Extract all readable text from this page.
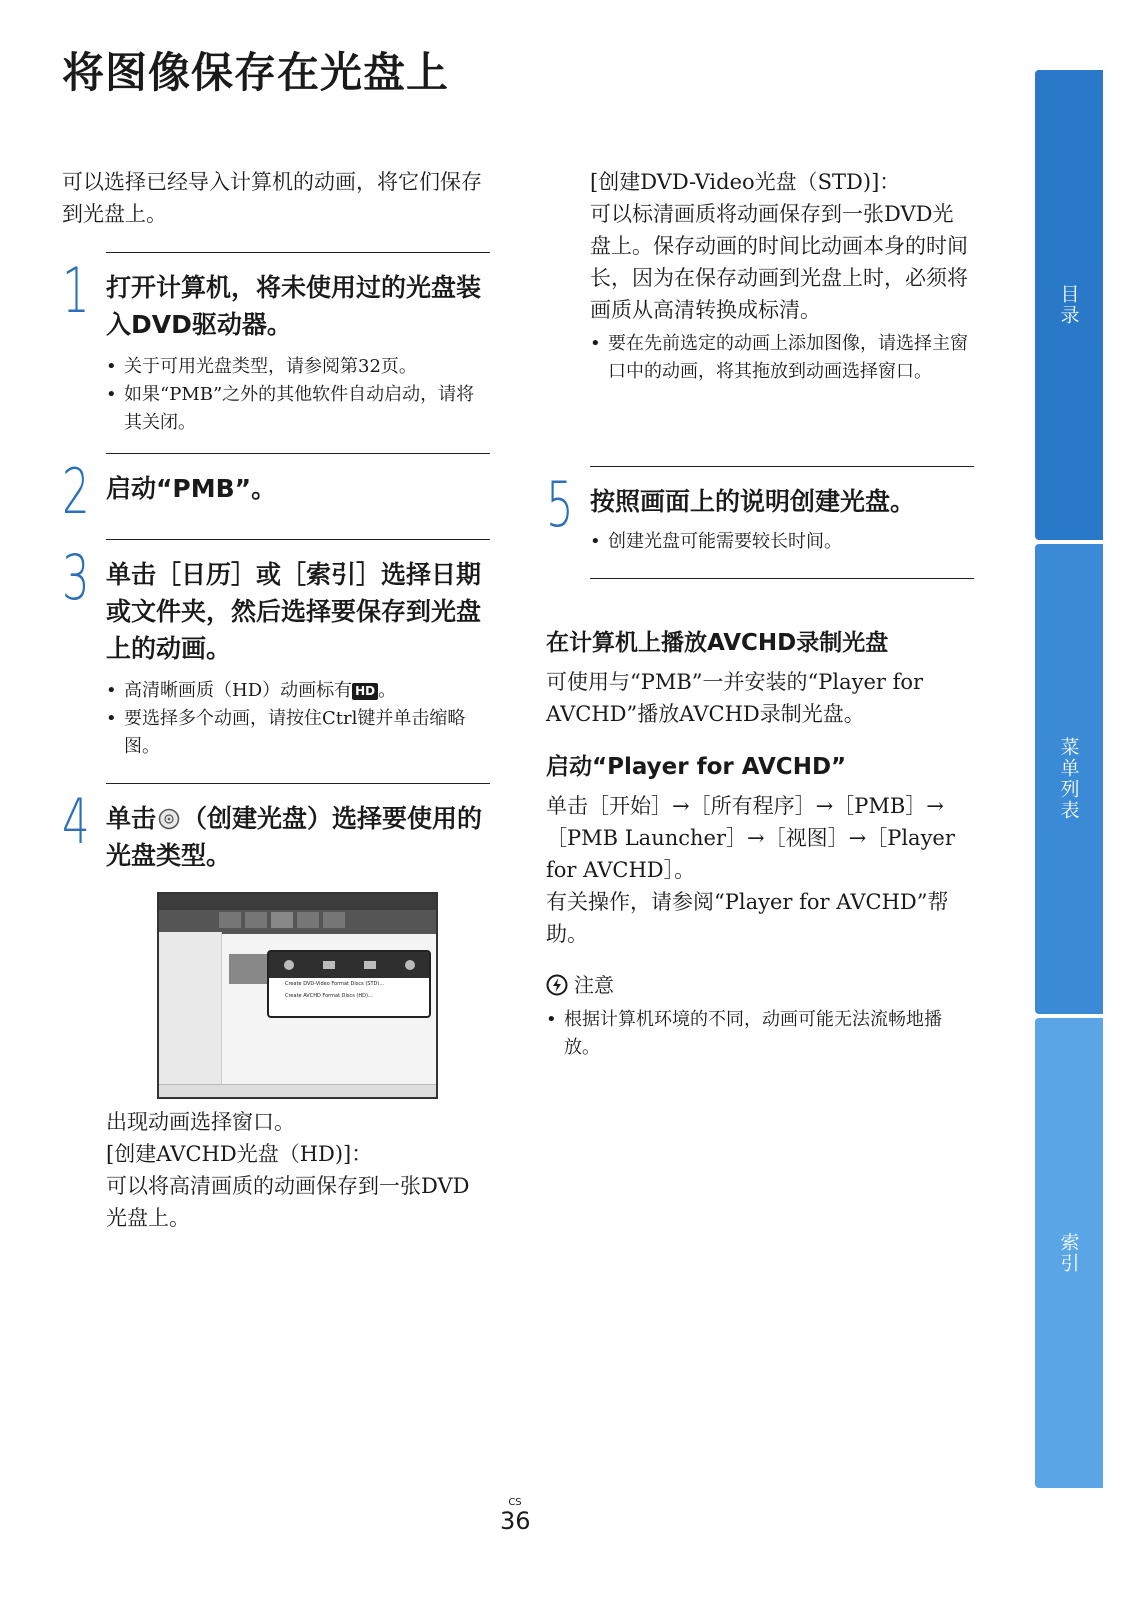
将图像保存在光盘上

可以选择已经导入计算机的动画，将它们保存到光盘上。

1 打开计算机，将未使用过的光盘装入DVD驱动器。

• 关于可用光盘类型，请参阅第32页。
• 如果“PMB”之外的其他软件自动启动，请将其关闭。
2 启动“PMB”。

3 单击［日历］或［索引］选择日期或文件夹，然后选择要保存到光盘上的动画。

• 高清晰画质（HD）动画标有 HD 。
• 要选择多个动画，请按住Ctrl键并单击缩略图。
4 单击 （创建光盘）选择要使用的光盘类型。

Create DVD-Video Format Discs (STD)...
Create AVCHD Format Discs (HD)...

出现动画选择窗口。

[创建AVCHD光盘（HD)]：

可以将高清画质的动画保存到一张DVD光盘上。

[创建DVD-Video光盘（STD)]：

可以标清画质将动画保存到一张DVD光盘上。保存动画的时间比动画本身的时间长，因为在保存动画到光盘上时，必须将画质从高清转换成标清。

• 要在先前选定的动画上添加图像，请选择主窗口中的动画，将其拖放到动画选择窗口。
5 按照画面上的说明创建光盘。

• 创建光盘可能需要较长时间。
在计算机上播放AVCHD录制光盘

可使用与“PMB”一并安装的“Player for AVCHD”播放AVCHD录制光盘。

启动“Player for AVCHD”

单击［开始］→［所有程序］→［PMB］→［PMB Launcher］→［视图］→［Player for AVCHD］。

有关操作，请参阅“Player for AVCHD”帮助。

注意
• 根据计算机环境的不同，动画可能无法流畅地播放。
目录
菜单列表
索引
CS
36
